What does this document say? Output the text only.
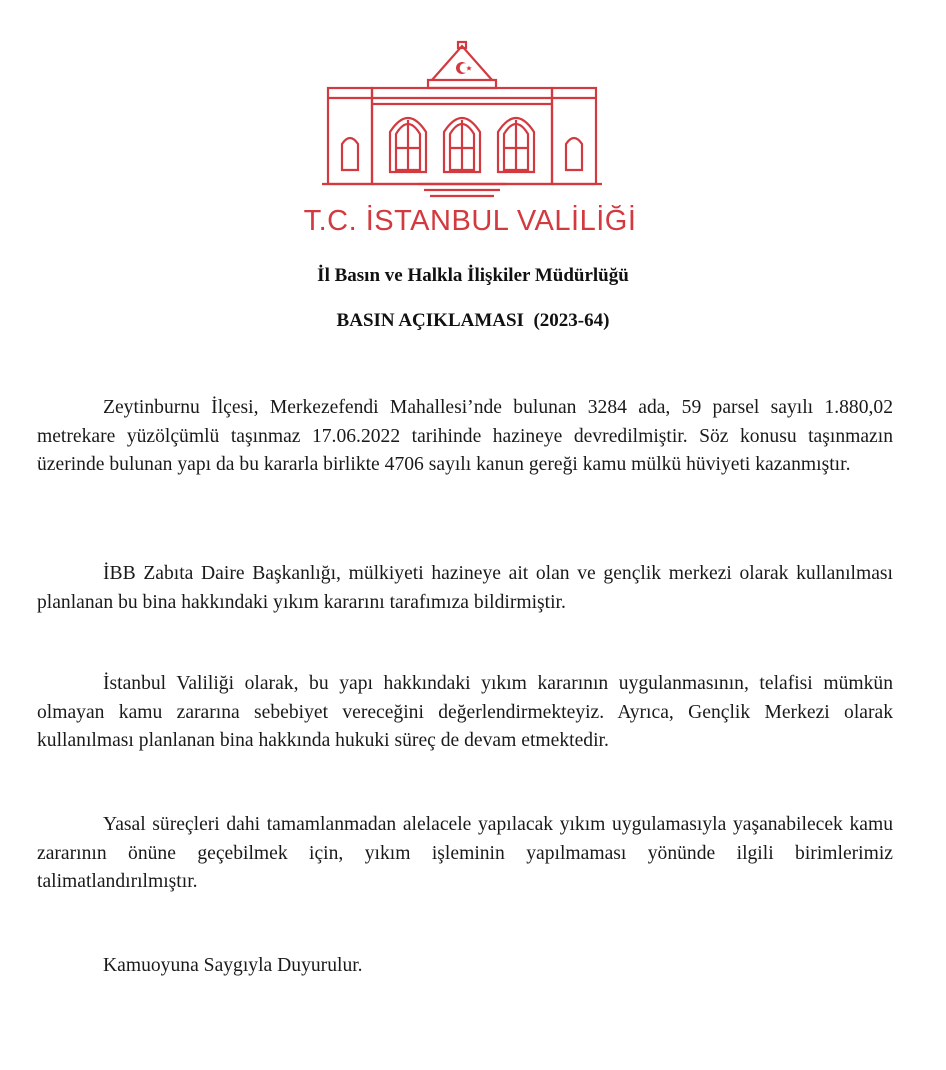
T.C. İSTANBUL VALİLİĞİ
İl Basın ve Halkla İlişkiler Müdürlüğü
BASIN AÇIKLAMASI  (2023-64)
Zeytinburnu İlçesi, Merkezefendi Mahallesi’nde bulunan 3284 ada, 59 parsel sayılı 1.880,02 metrekare yüzölçümlü taşınmaz 17.06.2022 tarihinde hazineye devredilmiştir. Söz konusu taşınmazın üzerinde bulunan yapı da bu kararla birlikte 4706 sayılı kanun gereği kamu mülkü hüviyeti kazanmıştır.
İBB Zabıta Daire Başkanlığı, mülkiyeti hazineye ait olan ve gençlik merkezi olarak kullanılması planlanan bu bina hakkındaki yıkım kararını tarafımıza bildirmiştir.
İstanbul Valiliği olarak, bu yapı hakkındaki yıkım kararının uygulanmasının, telafisi mümkün olmayan kamu zararına sebebiyet vereceğini değerlendirmekteyiz. Ayrıca, Gençlik Merkezi olarak kullanılması planlanan bina hakkında hukuki süreç de devam etmektedir.
Yasal süreçleri dahi tamamlanmadan alelacele yapılacak yıkım uygulamasıyla yaşanabilecek kamu zararının önüne geçebilmek için, yıkım işleminin yapılmaması yönünde ilgili birimlerimiz talimatlandırılmıştır.
Kamuoyuna Saygıyla Duyurulur.
